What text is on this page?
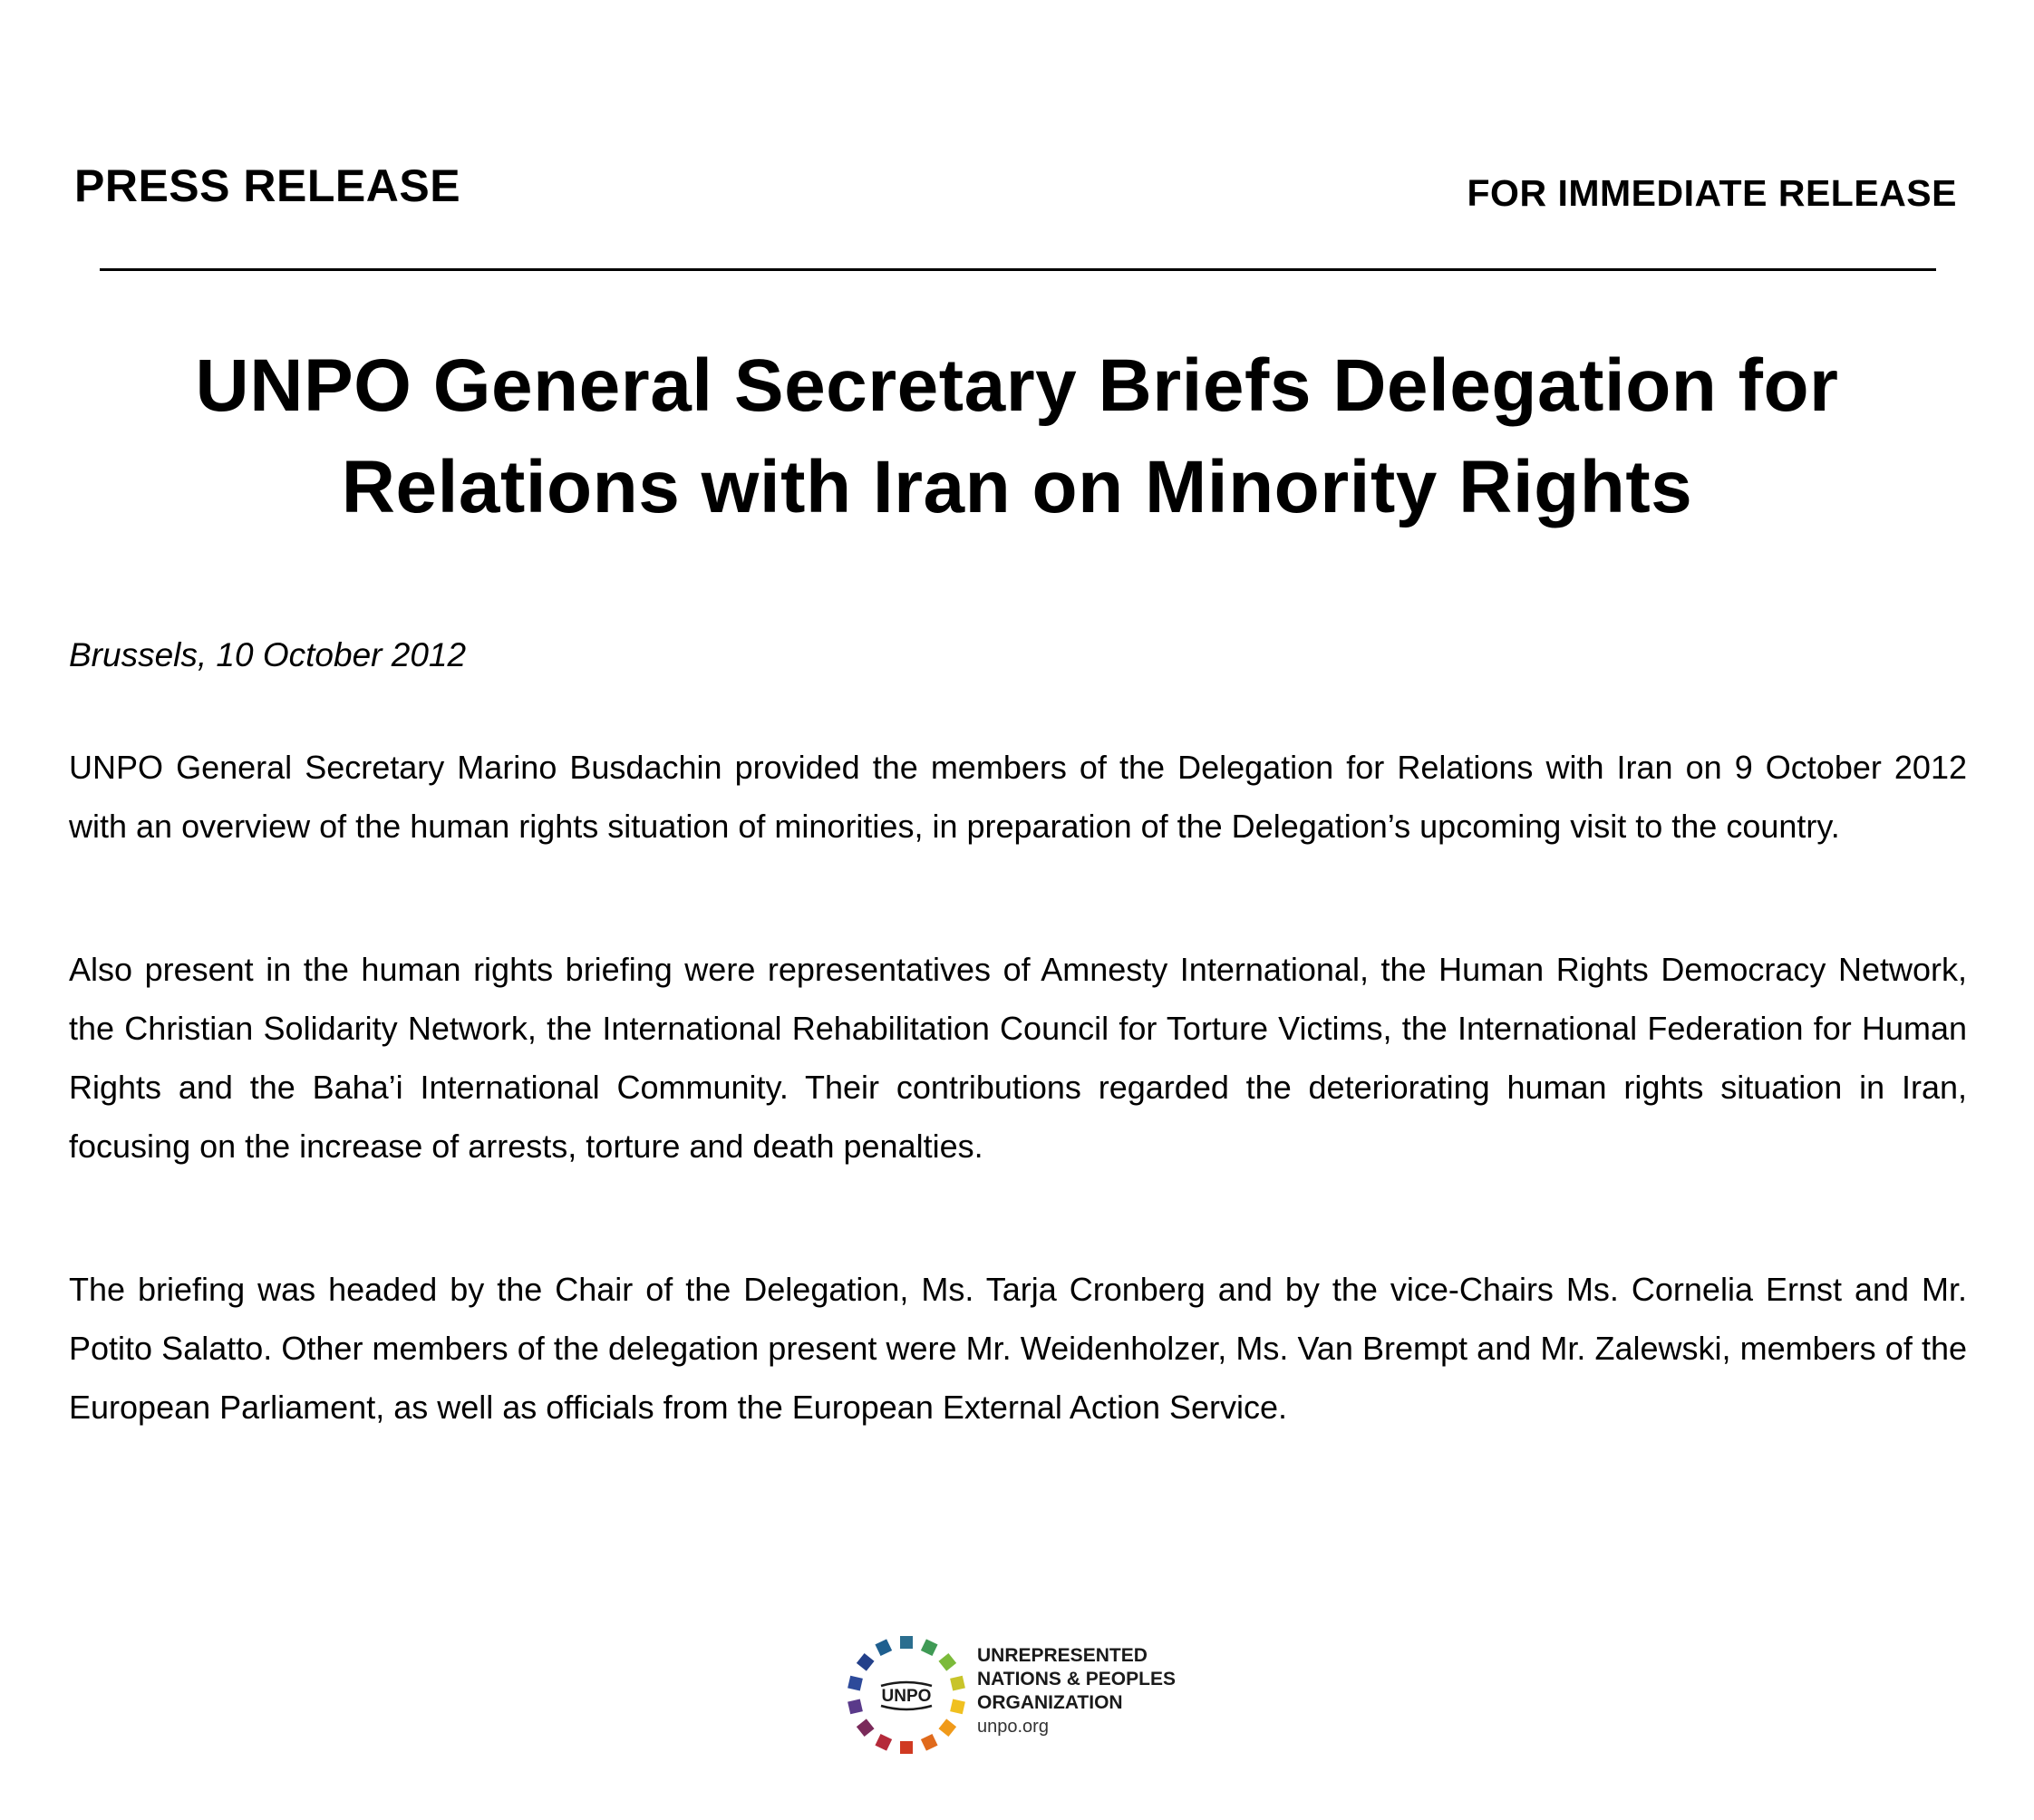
PRESS RELEASE	FOR IMMEDIATE RELEASE
UNPO General Secretary Briefs Delegation for
Relations with Iran on Minority Rights
Brussels, 10 October 2012

UNPO General Secretary Marino Busdachin provided the members of the Delegation for Relations with Iran on 9 October 2012 with an overview of the human rights situation of minorities, in preparation of the Delegation’s upcoming visit to the country.

Also present in the human rights briefing were representatives of Amnesty International, the Human Rights Democracy Network, the Christian Solidarity Network, the International Rehabilitation Council for Torture Victims, the International Federation for Human Rights and the Baha’i International Community. Their contributions regarded the deteriorating human rights situation in Iran, focusing on the increase of arrests, torture and death penalties.

The briefing was headed by the Chair of the Delegation, Ms. Tarja Cronberg and by the vice-Chairs Ms. Cornelia Ernst and Mr. Potito Salatto. Other members of the delegation present were Mr. Weidenholzer, Ms. Van Brempt and Mr. Zalewski, members of the European Parliament, as well as officials from the European External Action Service.

UNPO
UNREPRESENTED
NATIONS & PEOPLES
ORGANIZATION
unpo.org
